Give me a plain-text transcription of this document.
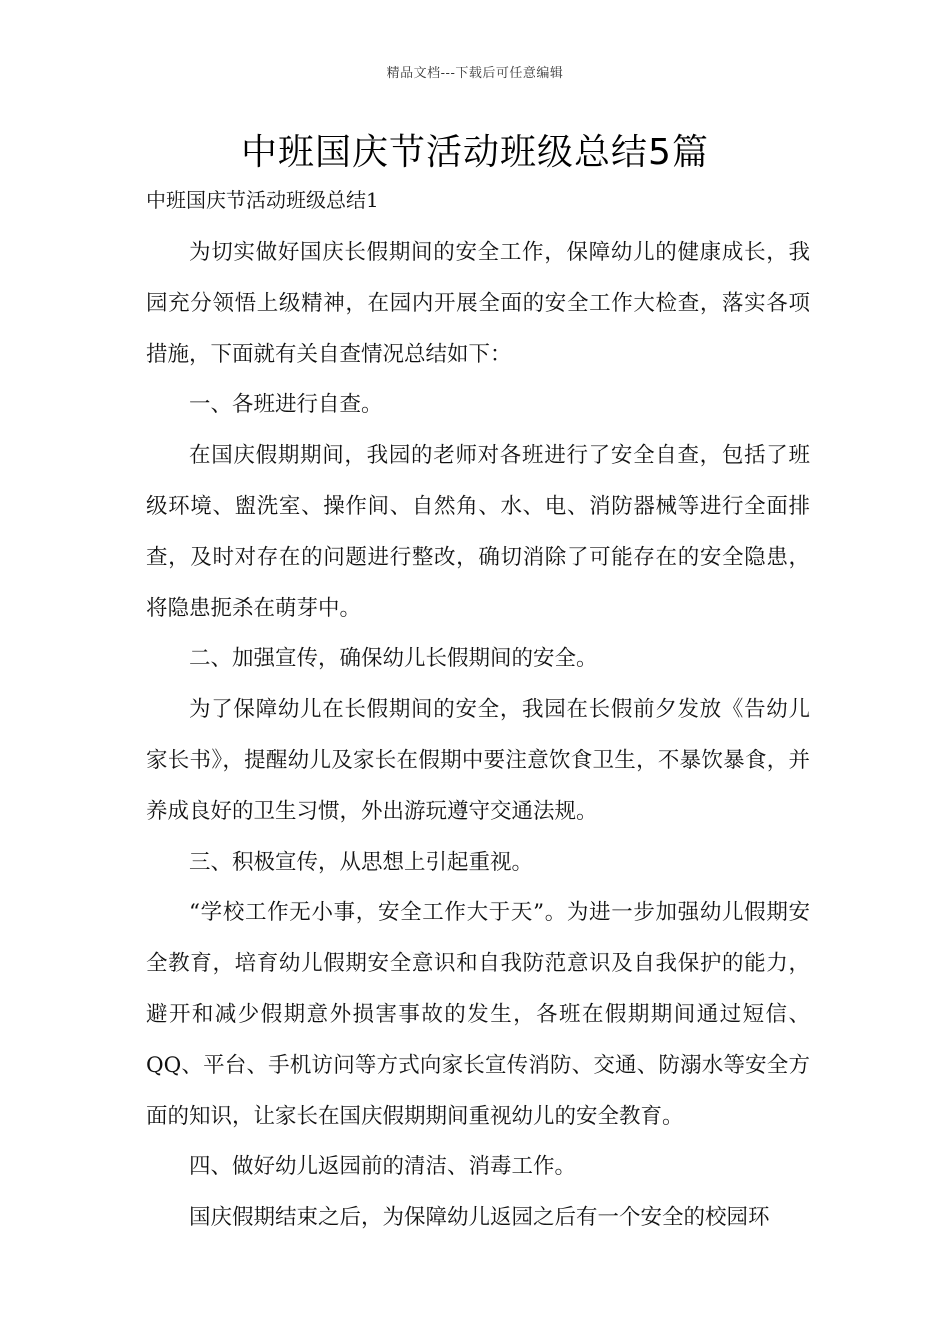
精品文档---下载后可任意编辑
中班国庆节活动班级总结5篇
中班国庆节活动班级总结1

为切实做好国庆长假期间的安全工作，保障幼儿的健康成长，我园充分领悟上级精神，在园内开展全面的安全工作大检查，落实各项措施，下面就有关自查情况总结如下：

一、各班进行自查。

在国庆假期期间，我园的老师对各班进行了安全自查，包括了班级环境、盥洗室、操作间、自然角、水、电、消防器械等进行全面排查，及时对存在的问题进行整改，确切消除了可能存在的安全隐患，将隐患扼杀在萌芽中。

二、加强宣传，确保幼儿长假期间的安全。

为了保障幼儿在长假期间的安全，我园在长假前夕发放《告幼儿家长书》，提醒幼儿及家长在假期中要注意饮食卫生，不暴饮暴食，并养成良好的卫生习惯，外出游玩遵守交通法规。

三、积极宣传，从思想上引起重视。

“学校工作无小事，安全工作大于天”。为进一步加强幼儿假期安全教育，培育幼儿假期安全意识和自我防范意识及自我保护的能力，避开和减少假期意外损害事故的发生，各班在假期期间通过短信、QQ、平台、手机访问等方式向家长宣传消防、交通、防溺水等安全方面的知识，让家长在国庆假期期间重视幼儿的安全教育。

四、做好幼儿返园前的清洁、消毒工作。

国庆假期结束之后，为保障幼儿返园之后有一个安全的校园环
